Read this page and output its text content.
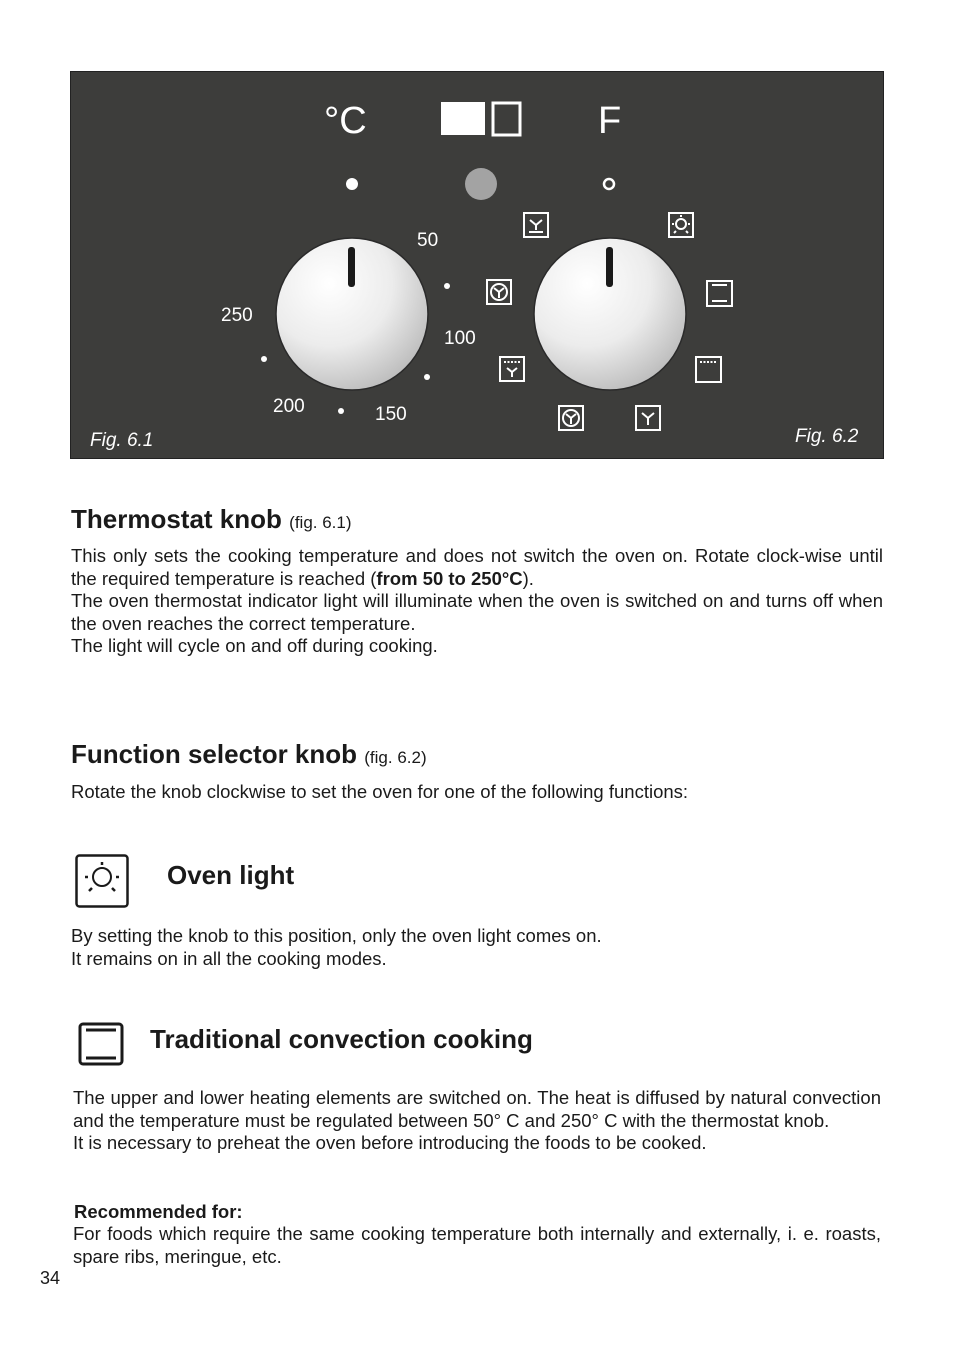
°C	F
50
100
150
200
250
Fig. 6.1	Fig. 6.2
Thermostat knob (fig. 6.1)

This only sets the cooking temperature and does not switch the oven on. Rotate clock-wise until the required temperature is reached (from 50 to 250°C).

The oven thermostat indicator light will illuminate when the oven is switched on and turns off when the oven reaches the correct temperature.

The light will cycle on and off during cooking.

Function selector knob (fig. 6.2)

Rotate the knob clockwise to set the oven for one of the following functions:

Oven light

By setting the knob to this position, only the oven light comes on.

It remains on in all the cooking modes.

Traditional convection cooking

The upper and lower heating elements are switched on. The heat is diffused by natural convection and the temperature must be regulated between 50° C and 250° C with the thermostat knob.

It is necessary to preheat the oven before introducing the foods to be cooked.

Recommended for:

For foods which require the same cooking temperature both internally and externally, i. e. roasts, spare ribs, meringue, etc.

34
